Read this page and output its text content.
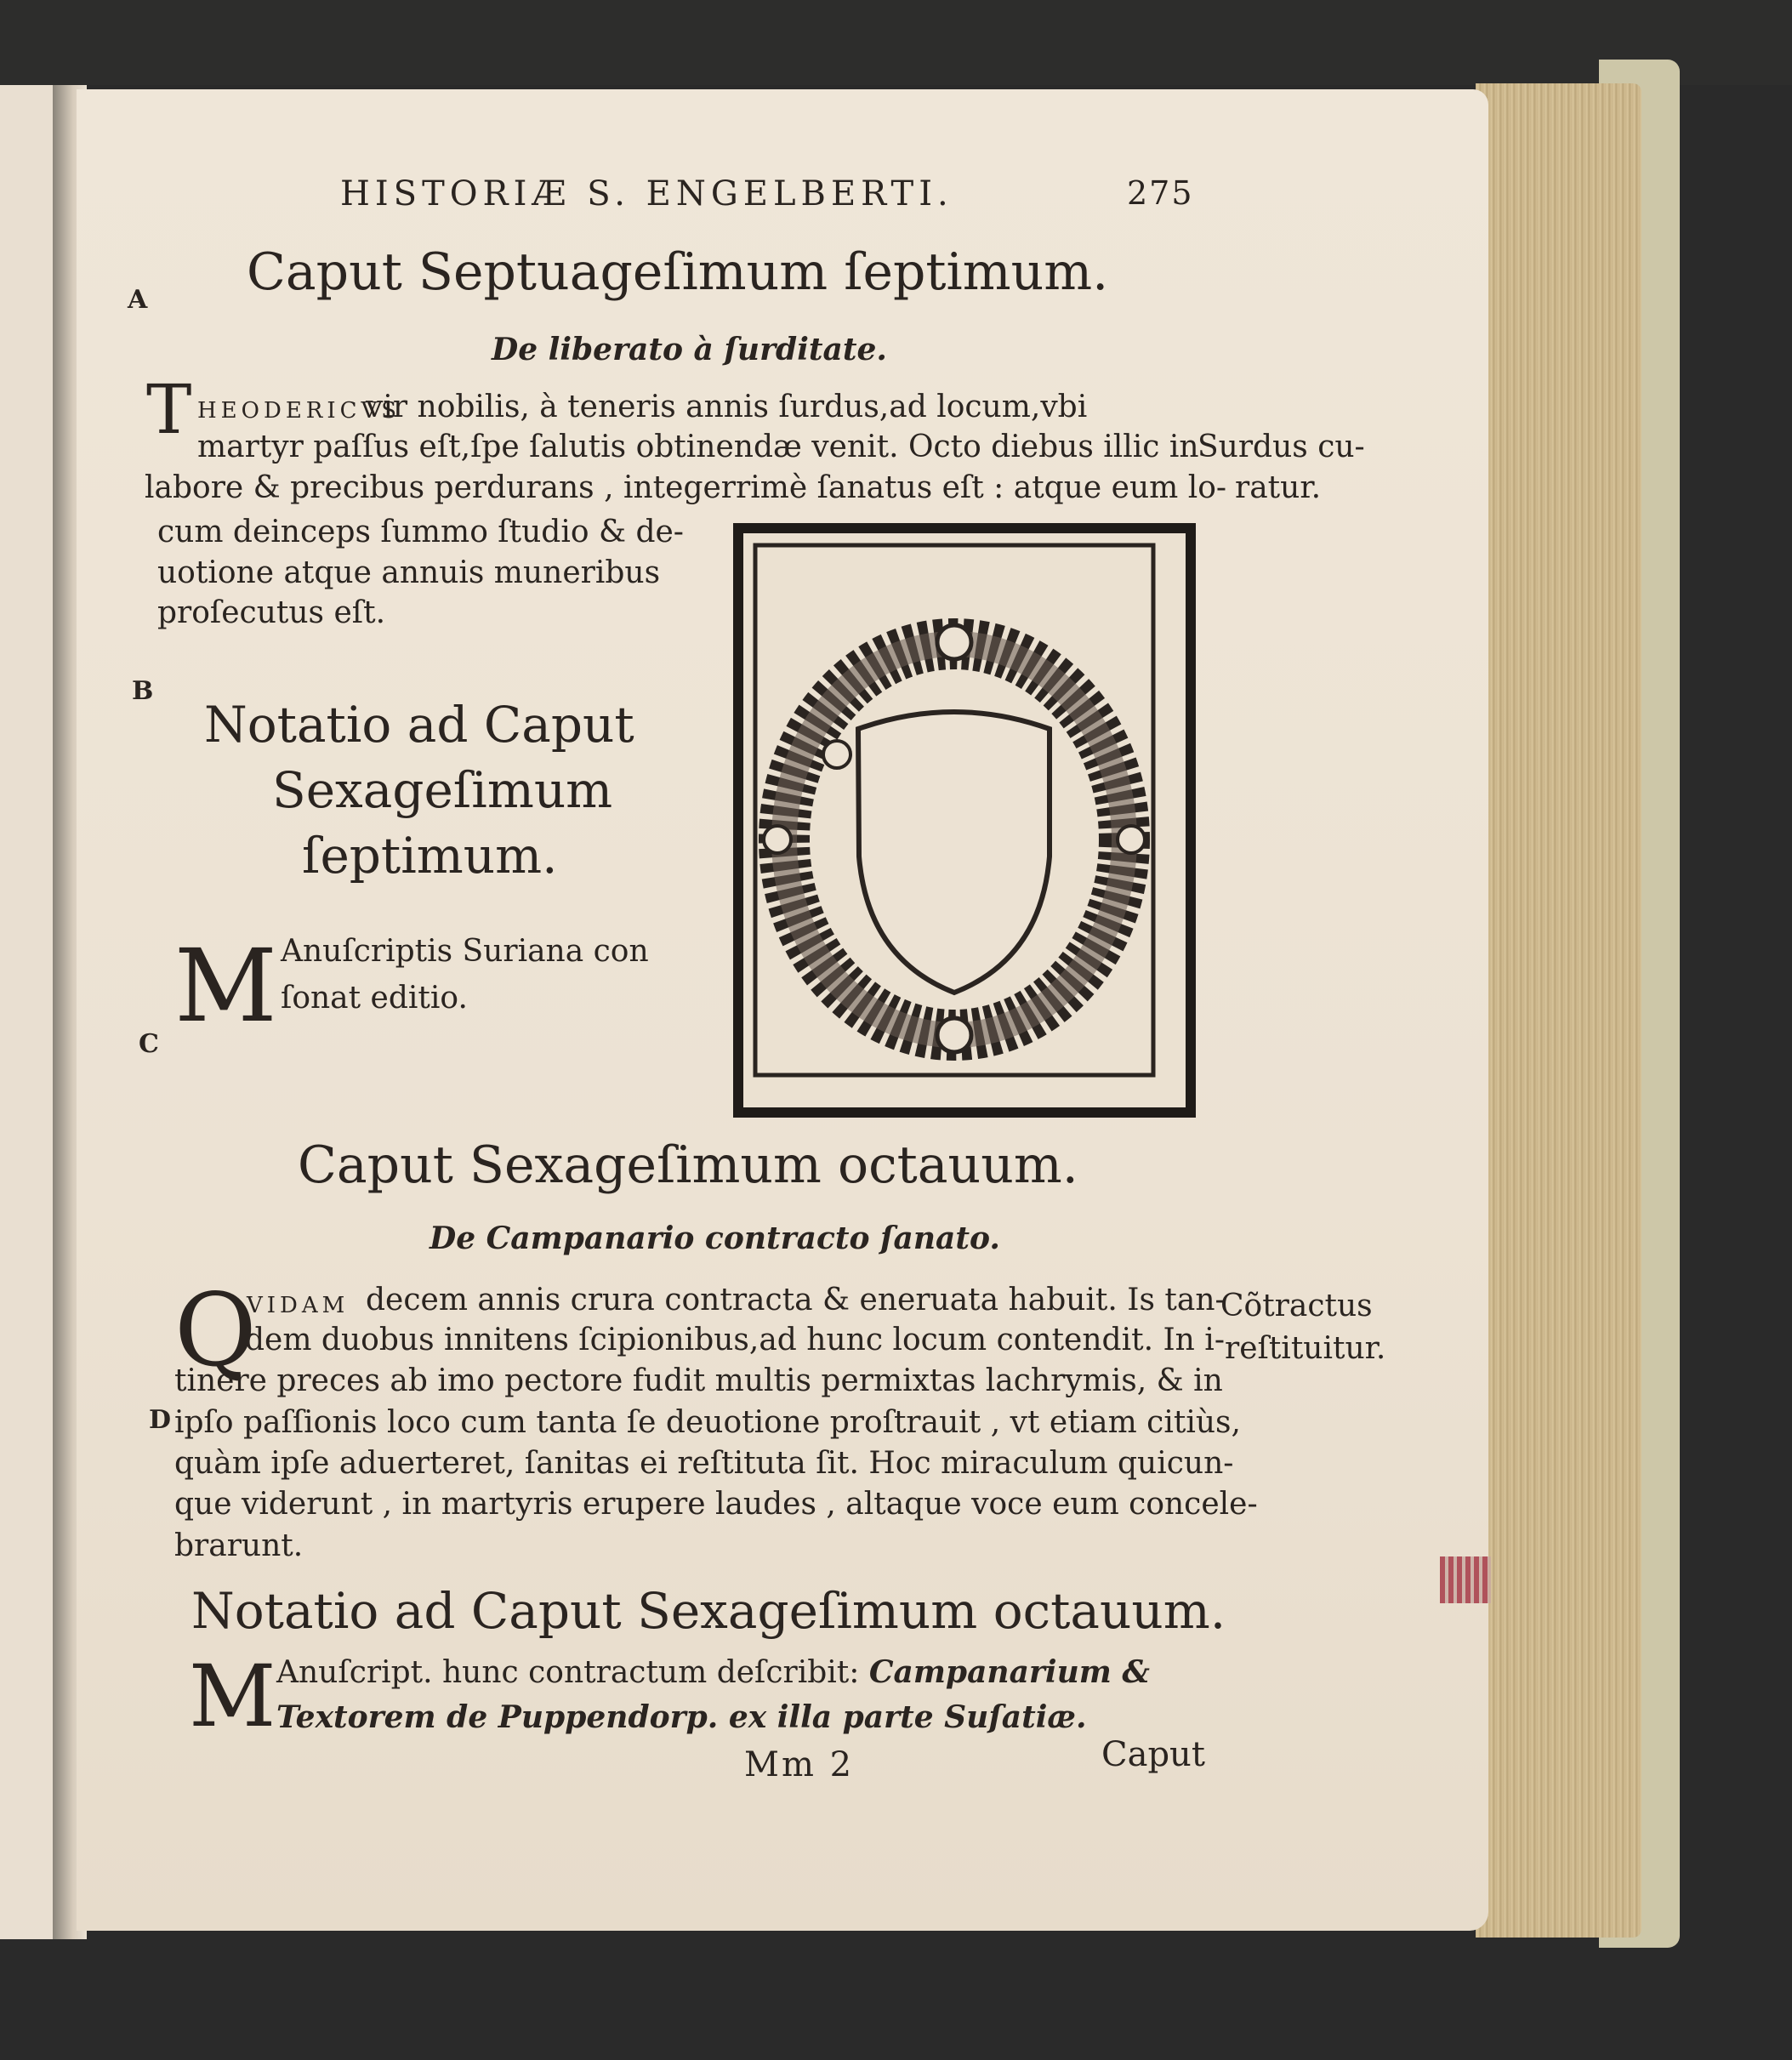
HISTORIÆ S. ENGELBERTI.	275
A Caput Septuageſimum ſeptimum.
De liberato à ſurditate.
T HEODERICVS
vir nobilis, à teneris annis ſurdus,ad locum,vbi
martyr paſſus eſt,ſpe ſalutis obtinendæ venit. Octo diebus illic in
labore & precibus perdurans , integerrimè ſanatus eſt : atque eum lo-
cum deinceps ſummo ſtudio & de-
uotione atque annuis muneribus
proſecutus eſt.
Surdus cu-
ratur.
B
Notatio ad Caput
Sexageſimum
ſeptimum.
M Anuſcriptis Suriana con
ſonat editio.
C
Caput Sexageſimum octauum.
De Campanario contracto ſanato.
Q
VIDAM decem annis crura contracta & eneruata habuit. Is tan-
dem duobus innitens ſcipionibus,ad hunc locum contendit. In i-
tinere preces ab imo pectore fudit multis permixtas lachrymis, & in
D ipſo paſſionis loco cum tanta ſe deuotione proſtrauit , vt etiam citiùs,
quàm ipſe aduerteret, ſanitas ei reſtituta ſit. Hoc miraculum quicun-
que viderunt , in martyris erupere laudes , altaque voce eum concele-
brarunt.
Cõtractus
reſtituitur.
Notatio ad Caput Sexageſimum octauum.
M Anuſcript. hunc contractum deſcribit: Campanarium &
Textorem de Puppendorp. ex illa parte Suſatiæ.
Mm 2	Caput
